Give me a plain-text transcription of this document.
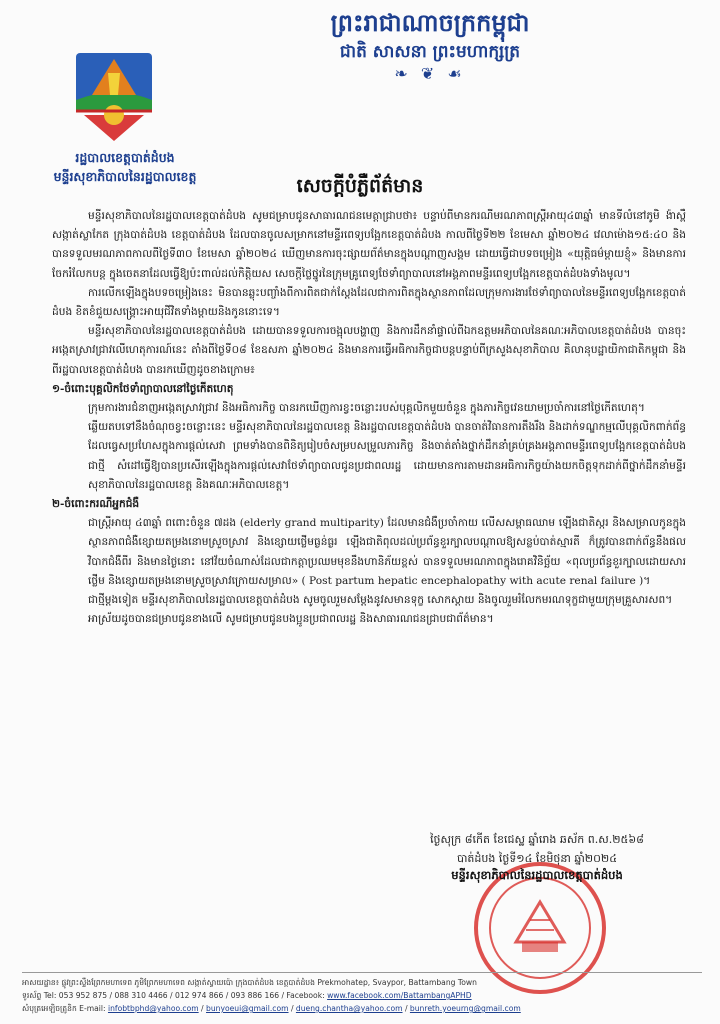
ព្រះរាជាណាចក្រកម្ពុជា
ជាតិ សាសនា ព្រះមហាក្សត្រ
❧ ❦ ☙
រដ្ឋបាលខេត្តបាត់ដំបង
មន្ទីរសុខាភិបាលនៃរដ្ឋបាលខេត្ត	សេចក្តីបំភ្លឺព័ត៌មាន

មន្ទីរសុខាភិបាលនៃរដ្ឋបាលខេត្តបាត់ដំបង សូមជម្រាបជូនសាធារណជនមេត្តាជ្រាបថា៖ បន្ទាប់ពីមានករណីមរណភាពស្ត្រីអាយុ៤៣ឆ្នាំ មានទីលំនៅភូមិ ង៉ាស្ពឺ សង្កាត់ស្លាកែត ក្រុងបាត់ដំបង ខេត្តបាត់ដំបង ដែលបានចូលសម្រាកនៅមន្ទីរពេទ្យបង្អែកខេត្តបាត់ដំបង កាលពីថ្ងៃទី២២ ខែមេសា ឆ្នាំ២០២៤ វេលាម៉ោង១៥:៤០ និងបានទទួលមរណភាពកាលពីថ្ងៃទី៣០ ខែមេសា ឆ្នាំ២០២៤ ឃើញមានការចុះផ្សាយព័ត៌មានក្នុងបណ្តាញសង្គម ដោយធ្វើជាបទចម្រៀង «យុត្តិធម៌ម្តាយខ្ញុំ» និងមានការចែករំលែកបន្ត ក្នុងចេតនាដែលធ្វើឱ្យប៉ះពាល់ដល់កិត្តិយស សេចក្តីថ្លៃថ្នូរនៃក្រុមគ្រូពេទ្យថែទាំព្យាបាលនៅអង្គភាពមន្ទីរពេទ្យបង្អែកខេត្តបាត់ដំបងទាំងមូល។

ការលើកឡើងក្នុងបទចម្រៀងនេះ មិនបានឆ្លុះបញ្ចាំងពីការពិតជាក់ស្តែងដែលជាការពិតក្នុងស្ថានភាពដែលក្រុមការងារថែទាំព្យាបាលនៃមន្ទីរពេទ្យបង្អែកខេត្តបាត់ដំបង ខិតខំជួយសង្គ្រោះអាយុជីវិតទាំងម្តាយនិងកូននោះទេ។

មន្ទីរសុខាភិបាលនៃរដ្ឋបាលខេត្តបាត់ដំបង ដោយបានទទួលការចង្អុលបង្ហាញ និងការដឹកនាំផ្ទាល់ពីឯកឧត្តមអភិបាលនៃគណៈអភិបាលខេត្តបាត់ដំបង បានចុះអង្កេតស្រាវជ្រាវលើហេតុការណ៍នេះ តាំងពីថ្ងៃទី០៨ ខែឧសភា ឆ្នាំ២០២៤ និងមានការធ្វើអធិការកិច្ចជាបន្តបន្ទាប់ពីក្រសួងសុខាភិបាល គិលានុបដ្ឋាយិកាជាតិកម្ពុជា និងពីរដ្ឋបាលខេត្តបាត់ដំបង បានរកឃើញដូចខាងក្រោម៖

១-ចំពោះបុគ្គលិកថែទាំព្យាបាលនៅថ្ងៃកើតហេតុ

ក្រុមការងារជំនាញអង្កេតស្រាវជ្រាវ និងអធិការកិច្ច បានរកឃើញការខ្វះចន្លោះរបស់បុគ្គលិកមួយចំនួន ក្នុងភារកិច្ចវេនយាមប្រចាំការនៅថ្ងៃកើតហេតុ។

ឆ្លើយតបទៅនឹងចំណុចខ្វះចន្លោះនេះ មន្ទីរសុខាភិបាលនៃរដ្ឋបាលខេត្ត និងរដ្ឋបាលខេត្តបាត់ដំបង បានចាត់វិធានការតឹងរឹង និងដាក់ទណ្ឌកម្មលើបុគ្គលិកពាក់ព័ន្ធដែលធ្វេសប្រហែសក្នុងការផ្តល់សេវា ព្រមទាំងបានពិនិត្យរៀបចំសម្របសម្រួលភារកិច្ច និងចាត់តាំងថ្នាក់ដឹកនាំគ្រប់គ្រងអង្គភាពមន្ទីរពេទ្យបង្អែកខេត្តបាត់ដំបង ជាថ្មី សំដៅធ្វើឱ្យបានប្រសើរឡើងក្នុងការផ្តល់សេវាថែទាំព្យាបាលជូនប្រជាពលរដ្ឋ ដោយមានការតាមដានអធិការកិច្ចយ៉ាងយកចិត្តទុកដាក់ពីថ្នាក់ដឹកនាំមន្ទីរសុខាភិបាលនៃរដ្ឋបាលខេត្ត និងគណៈអភិបាលខេត្ត។

២-ចំពោះករណីអ្នកជំងឺ

ជាស្ត្រីអាយុ ៤៣ឆ្នាំ ពពោះចំនួន ៧ដង (elderly grand multiparity) ដែលមានជំងឺប្រចាំកាយ លើសសម្ពាធឈាម ឡើងជាតិស្ករ និងសម្រាលកូនក្នុងស្ថានភាពជំងឺខ្សោយតម្រងនោមស្រួចស្រាវ និងខ្សោយថ្លើមធ្ងន់ធ្ងរ ឡើងជាតិពុលដល់ប្រព័ន្ធខួរក្បាលបណ្តាលឱ្យសន្លប់បាត់ស្មារតី ក៏ត្រូវបានពាក់ព័ន្ធនឹងផលវិបាកជំងឺពីរ និងមានថ្ងៃនោះ នៅវ័យចំណាស់ដែលជាកត្តាប្រឈមមុខនឹងហានិភ័យខ្ពស់ បានទទួលមរណភាពក្នុងរោគវិនិច្ឆ័យ «ពុលប្រព័ន្ធខួរក្បាលដោយសារថ្លើម និងខ្សោយតម្រងនោមស្រួចស្រាវក្រោយសម្រាល» ( Post partum hepatic encephalopathy with acute renal failure )។

ជាថ្មីម្តងទៀត មន្ទីរសុខាភិបាលនៃរដ្ឋបាលខេត្តបាត់ដំបង សូមចូលរួមសម្តែងនូវសមានទុក្ខ សោកស្តាយ និងចូលរួមរំលែកមរណទុក្ខជាមួយក្រុមគ្រួសារសព។

អាស្រ័យដូចបានជម្រាបជូនខាងលើ សូមជម្រាបជូនបងប្អូនប្រជាពលរដ្ឋ និងសាធារណជនជ្រាបជាព័ត៌មាន។

ថ្ងៃសុក្រ ៨កើត ខែជេស្ឋ ឆ្នាំរោង ឆស័ក ព.ស.២៥៦៨
បាត់ដំបង ថ្ងៃទី១៤ ខែមិថុនា ឆ្នាំ២០២៤
មន្ទីរសុខាភិបាលនៃរដ្ឋបាលខេត្តបាត់ដំបង
អាសយដ្ឋាន៖ ផ្លូវព្រះស្ទឹងព្រែកមហាទេព ភូមិព្រែកមហាទេព សង្កាត់ស្វាយប៉ោ ក្រុងបាត់ដំបង ខេត្តបាត់ដំបង Prekmohatep, Svaypor, Battambang Town
ទូរស័ព្ទ Tel: 053 952 875 / 088 310 4466 / 012 974 866 / 093 886 166 / Facebook: www.facebook.com/BattambangAPHD
សំបុត្រអេឡិចត្រូនិក E-mail: infobtbphd@yahoo.com / bunyoeui@gmail.com / dueng.chantha@yahoo.com / bunreth.yoeurng@gmail.com
